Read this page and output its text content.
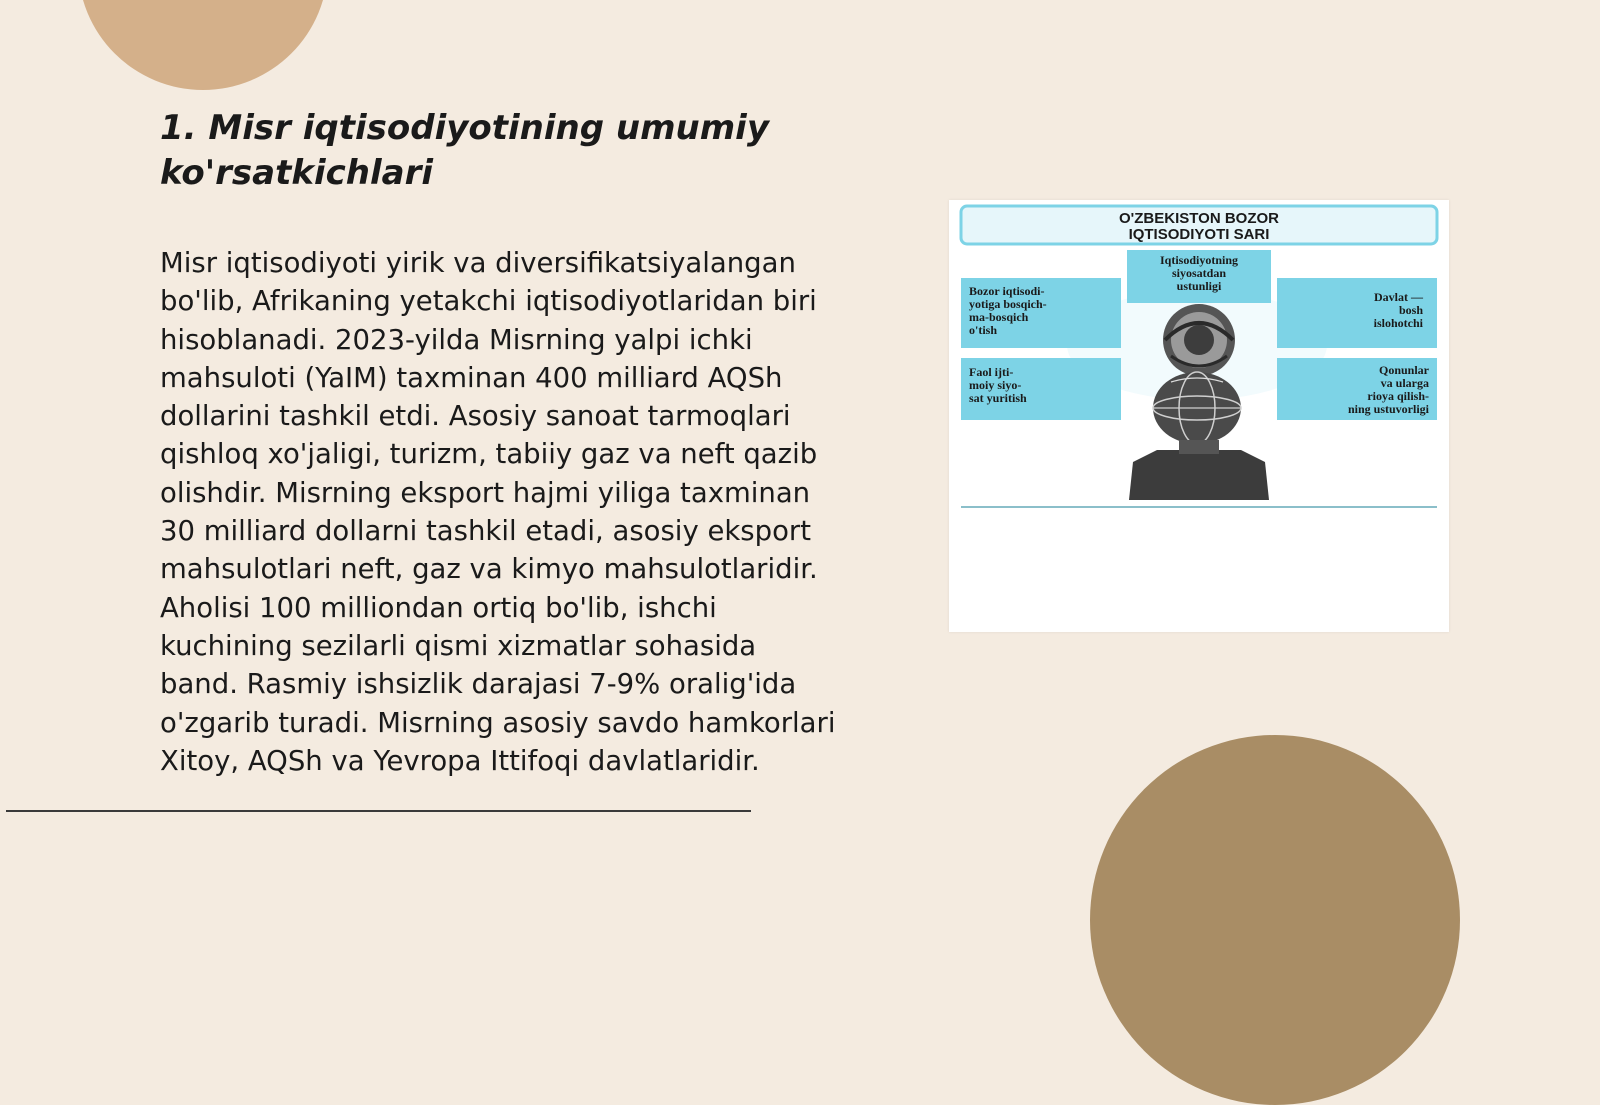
1. Misr iqtisodiyotining umumiy ko'rsatkichlari

Misr iqtisodiyoti yirik va diversifikatsiyalangan bo'lib, Afrikaning yetakchi iqtisodiyotlaridan biri hisoblanadi. 2023-yilda Misrning yalpi ichki mahsuloti (YaIM) taxminan 400 milliard AQSh dollarini tashkil etdi. Asosiy sanoat tarmoqlari qishloq xo'jaligi, turizm, tabiiy gaz va neft qazib olishdir. Misrning eksport hajmi yiliga taxminan 30 milliard dollarni tashkil etadi, asosiy eksport mahsulotlari neft, gaz va kimyo mahsulotlaridir. Aholisi 100 milliondan ortiq bo'lib, ishchi kuchining sezilarli qismi xizmatlar sohasida band. Rasmiy ishsizlik darajasi 7-9% oralig'ida o'zgarib turadi. Misrning asosiy savdo hamkorlari Xitoy, AQSh va Yevropa Ittifoqi davlatlaridir.

O'ZBEKISTON BOZOR
IQTISODIYOTI SARI
Iqtisodiyotning
siyosatdan
ustunligi
Bozor iqtisodi-
yotiga bosqich-
ma-bosqich
o'tish
Davlat —
bosh
islohotchi
Faol ijti-
moiy siyo-
sat yuritish
Qonunlar
va ularga
rioya qilish-
ning ustuvorligi
